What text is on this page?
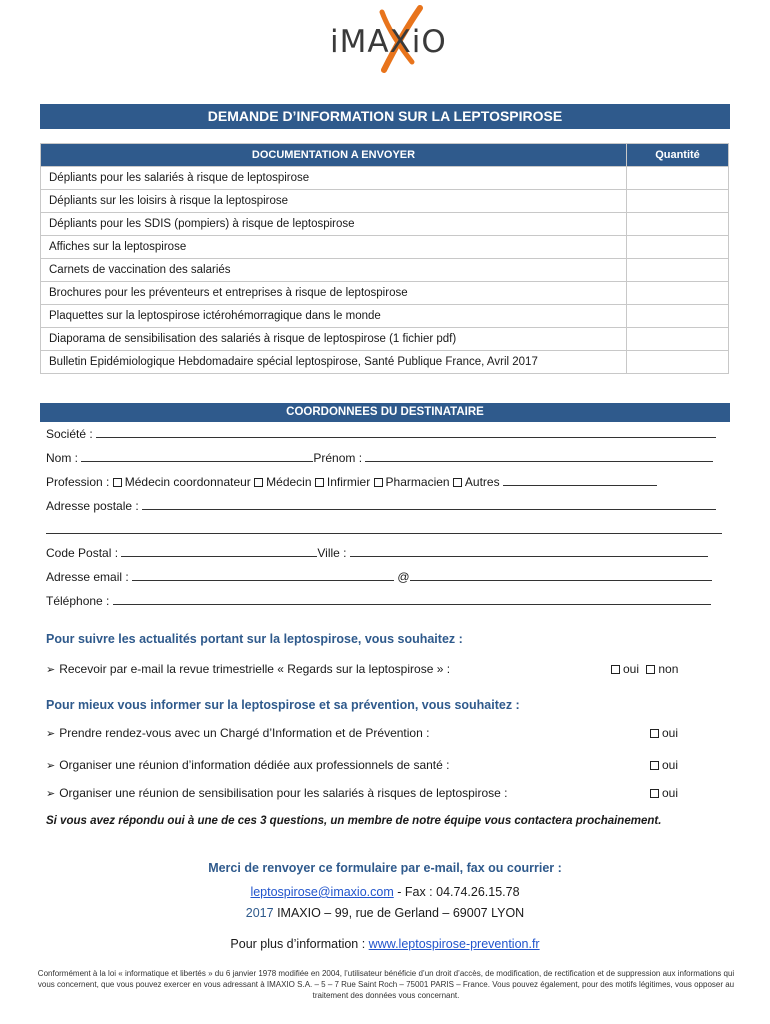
iMAXiO
DEMANDE D’INFORMATION SUR LA LEPTOSPIROSE
DOCUMENTATION A ENVOYER	Quantité
Dépliants pour les salariés à risque de leptospirose	
Dépliants sur les loisirs à risque la leptospirose	
Dépliants pour les SDIS (pompiers) à risque de leptospirose	
Affiches sur la leptospirose	
Carnets de vaccination des salariés	
Brochures pour les préventeurs et entreprises à risque de leptospirose	
Plaquettes sur la leptospirose ictérohémorragique dans le monde	
Diaporama de sensibilisation des salariés à risque de leptospirose (1 fichier pdf)	
Bulletin Epidémiologique Hebdomadaire spécial leptospirose, Santé Publique France, Avril 2017	
COORDONNEES DU DESTINATAIRE
Société :
Nom :	Prénom :
Profession : Médecin coordonnateur Médecin Infirmier Pharmacien Autres
Adresse postale :
Code Postal :	Ville :
Adresse email :	@
Téléphone :
Pour suivre les actualités portant sur la leptospirose, vous souhaitez :
➢ Recevoir par e-mail la revue trimestrielle « Regards sur la leptospirose » :	oui non
Pour mieux vous informer sur la leptospirose et sa prévention, vous souhaitez :
➢ Prendre rendez-vous avec un Chargé d’Information et de Prévention :	oui
➢ Organiser une réunion d’information dédiée aux professionnels de santé :	oui
➢ Organiser une réunion de sensibilisation pour les salariés à risques de leptospirose :	oui
Si vous avez répondu oui à une de ces 3 questions, un membre de notre équipe vous contactera prochainement.
Merci de renvoyer ce formulaire par e-mail, fax ou courrier :
leptospirose@imaxio.com - Fax : 04.74.26.15.78
2017 IMAXIO – 99, rue de Gerland – 69007 LYON
Pour plus d’information : www.leptospirose-prevention.fr
Conformément à la loi « informatique et libertés » du 6 janvier 1978 modifiée en 2004, l’utilisateur bénéficie d’un droit d’accès, de modification, de rectification et de suppression aux informations qui vous concernent, que vous pouvez exercer en vous adressant à IMAXIO S.A. – 5 – 7 Rue Saint Roch – 75001 PARIS – France. Vous pouvez également, pour des motifs légitimes, vous opposer au traitement des données vous concernant.
